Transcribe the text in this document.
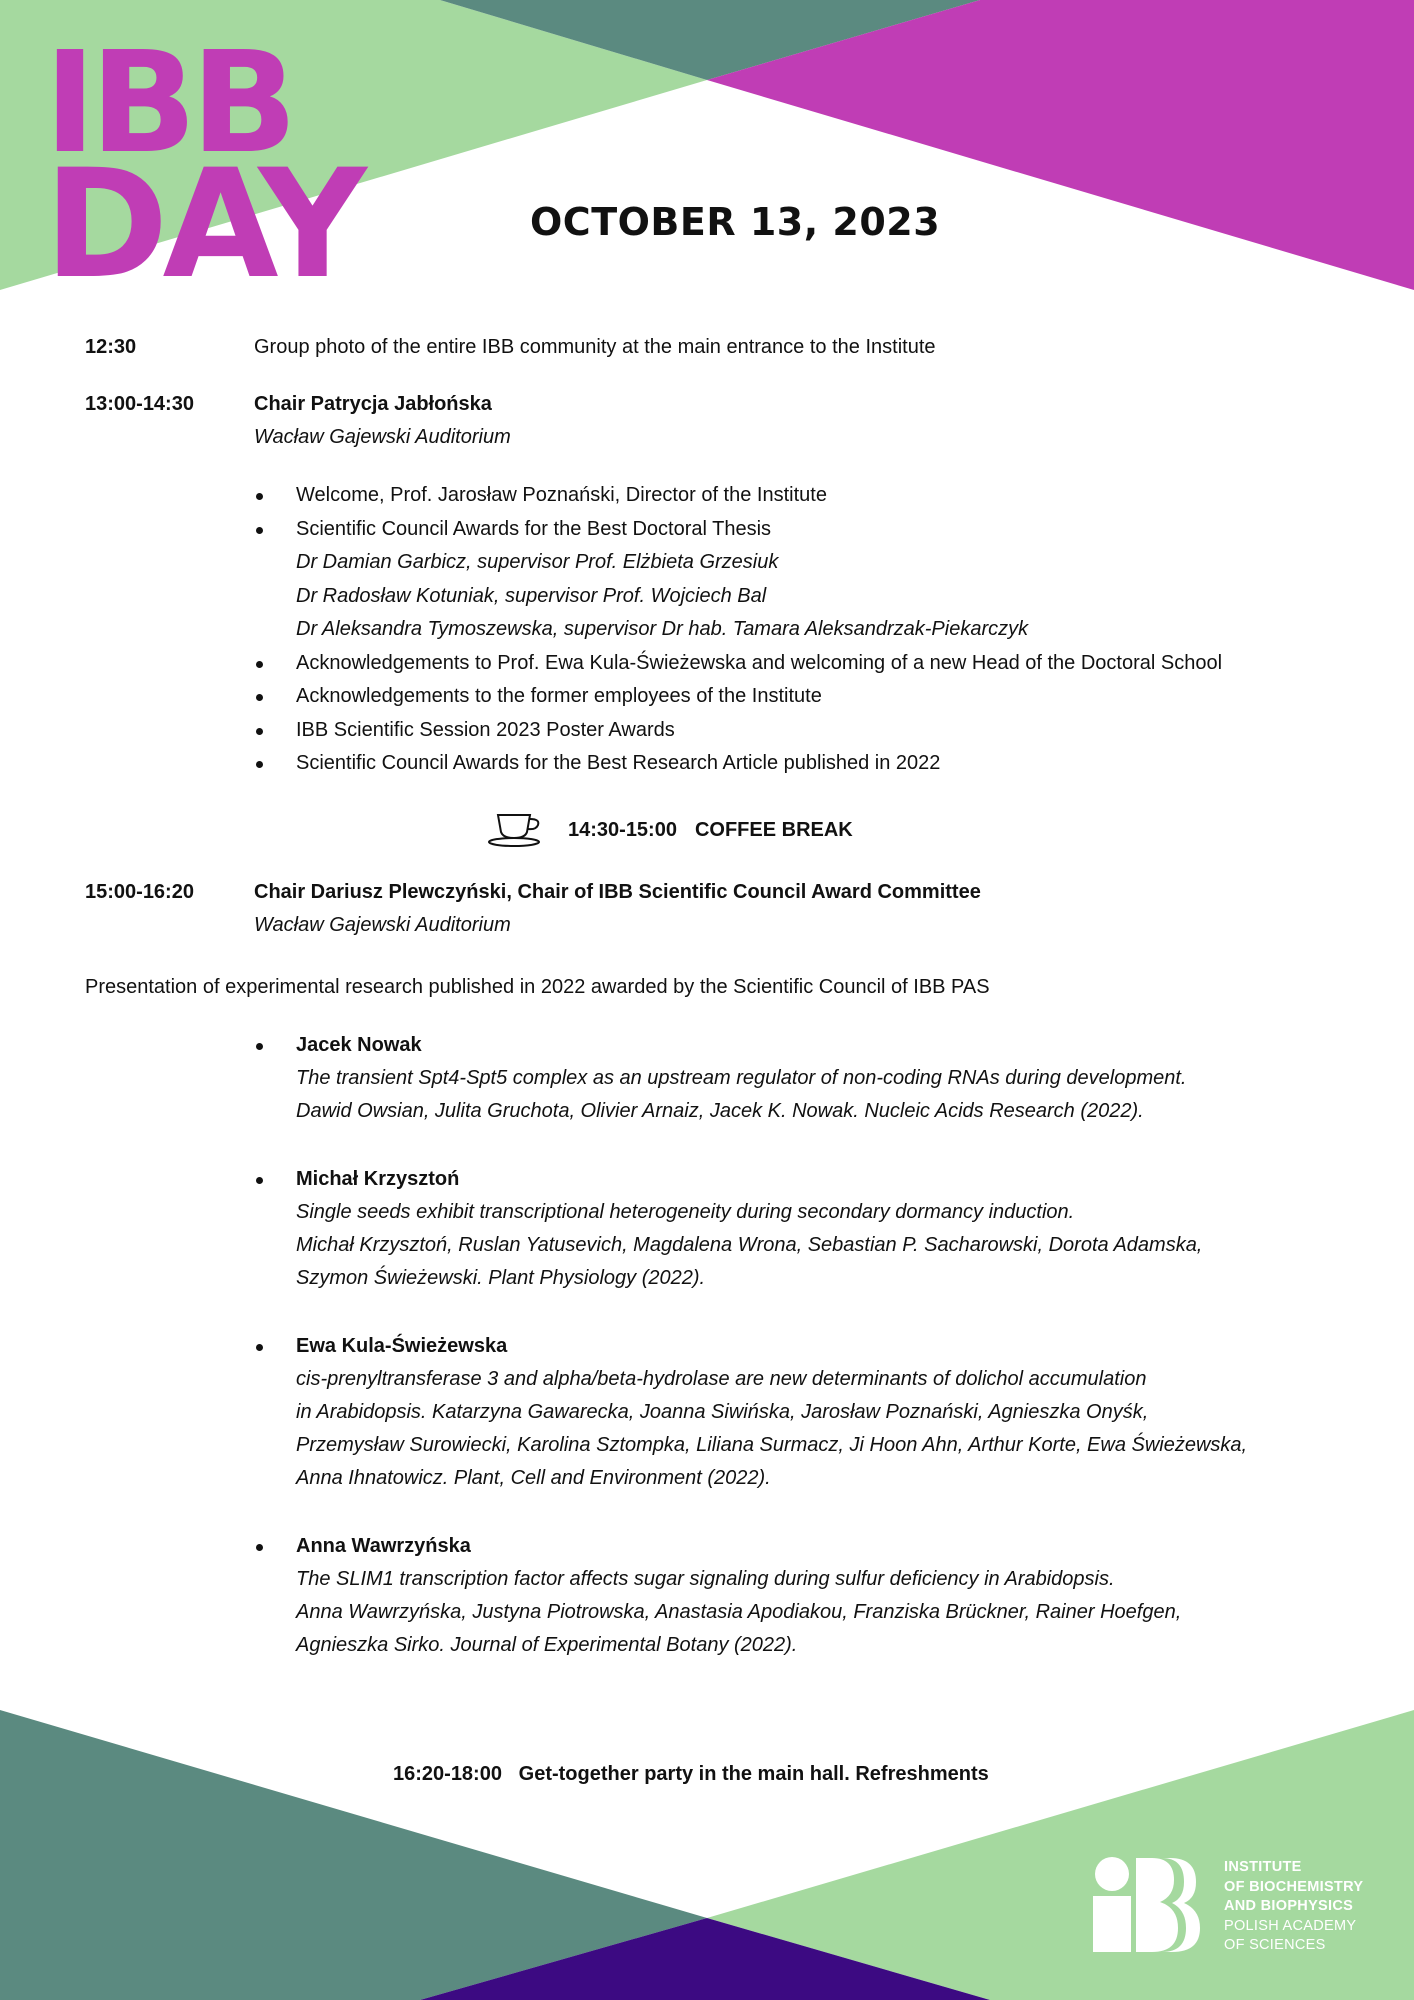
IBB
DAY	OCTOBER 13, 2023
12:30	Group photo of the entire IBB community at the main entrance to the Institute
13:00-14:30	Chair Patrycja Jabłońska
Wacław Gajewski Auditorium
Welcome, Prof. Jarosław Poznański, Director of the Institute
Scientific Council Awards for the Best Doctoral Thesis
Dr Damian Garbicz, supervisor Prof. Elżbieta Grzesiuk
Dr Radosław Kotuniak, supervisor Prof. Wojciech Bal
Dr Aleksandra Tymoszewska, supervisor Dr hab. Tamara Aleksandrzak-Piekarczyk
Acknowledgements to Prof. Ewa Kula-Świeżewska and welcoming of a new Head of the Doctoral School
Acknowledgements to the former employees of the Institute
IBB Scientific Session 2023 Poster Awards
Scientific Council Awards for the Best Research Article published in 2022
14:30-15:00 COFFEE BREAK
15:00-16:20	Chair Dariusz Plewczyński, Chair of IBB Scientific Council Award Committee
Wacław Gajewski Auditorium
Presentation of experimental research published in 2022 awarded by the Scientific Council of IBB PAS
Jacek Nowak
The transient Spt4-Spt5 complex as an upstream regulator of non-coding RNAs during development.
Dawid Owsian, Julita Gruchota, Olivier Arnaiz, Jacek K. Nowak. Nucleic Acids Research (2022).
Michał Krzysztoń
Single seeds exhibit transcriptional heterogeneity during secondary dormancy induction.
Michał Krzysztoń, Ruslan Yatusevich, Magdalena Wrona, Sebastian P. Sacharowski, Dorota Adamska,
Szymon Świeżewski. Plant Physiology (2022).
Ewa Kula-Świeżewska
cis-prenyltransferase 3 and alpha/beta-hydrolase are new determinants of dolichol accumulation
in Arabidopsis. Katarzyna Gawarecka, Joanna Siwińska, Jarosław Poznański, Agnieszka Onyśk,
Przemysław Surowiecki, Karolina Sztompka, Liliana Surmacz, Ji Hoon Ahn, Arthur Korte, Ewa Świeżewska,
Anna Ihnatowicz. Plant, Cell and Environment (2022).
Anna Wawrzyńska
The SLIM1 transcription factor affects sugar signaling during sulfur deficiency in Arabidopsis.
Anna Wawrzyńska, Justyna Piotrowska, Anastasia Apodiakou, Franziska Brückner, Rainer Hoefgen,
Agnieszka Sirko. Journal of Experimental Botany (2022).
16:20-18:00 Get-together party in the main hall. Refreshments
INSTITUTE
OF BIOCHEMISTRY
AND BIOPHYSICS
POLISH ACADEMY
OF SCIENCES
